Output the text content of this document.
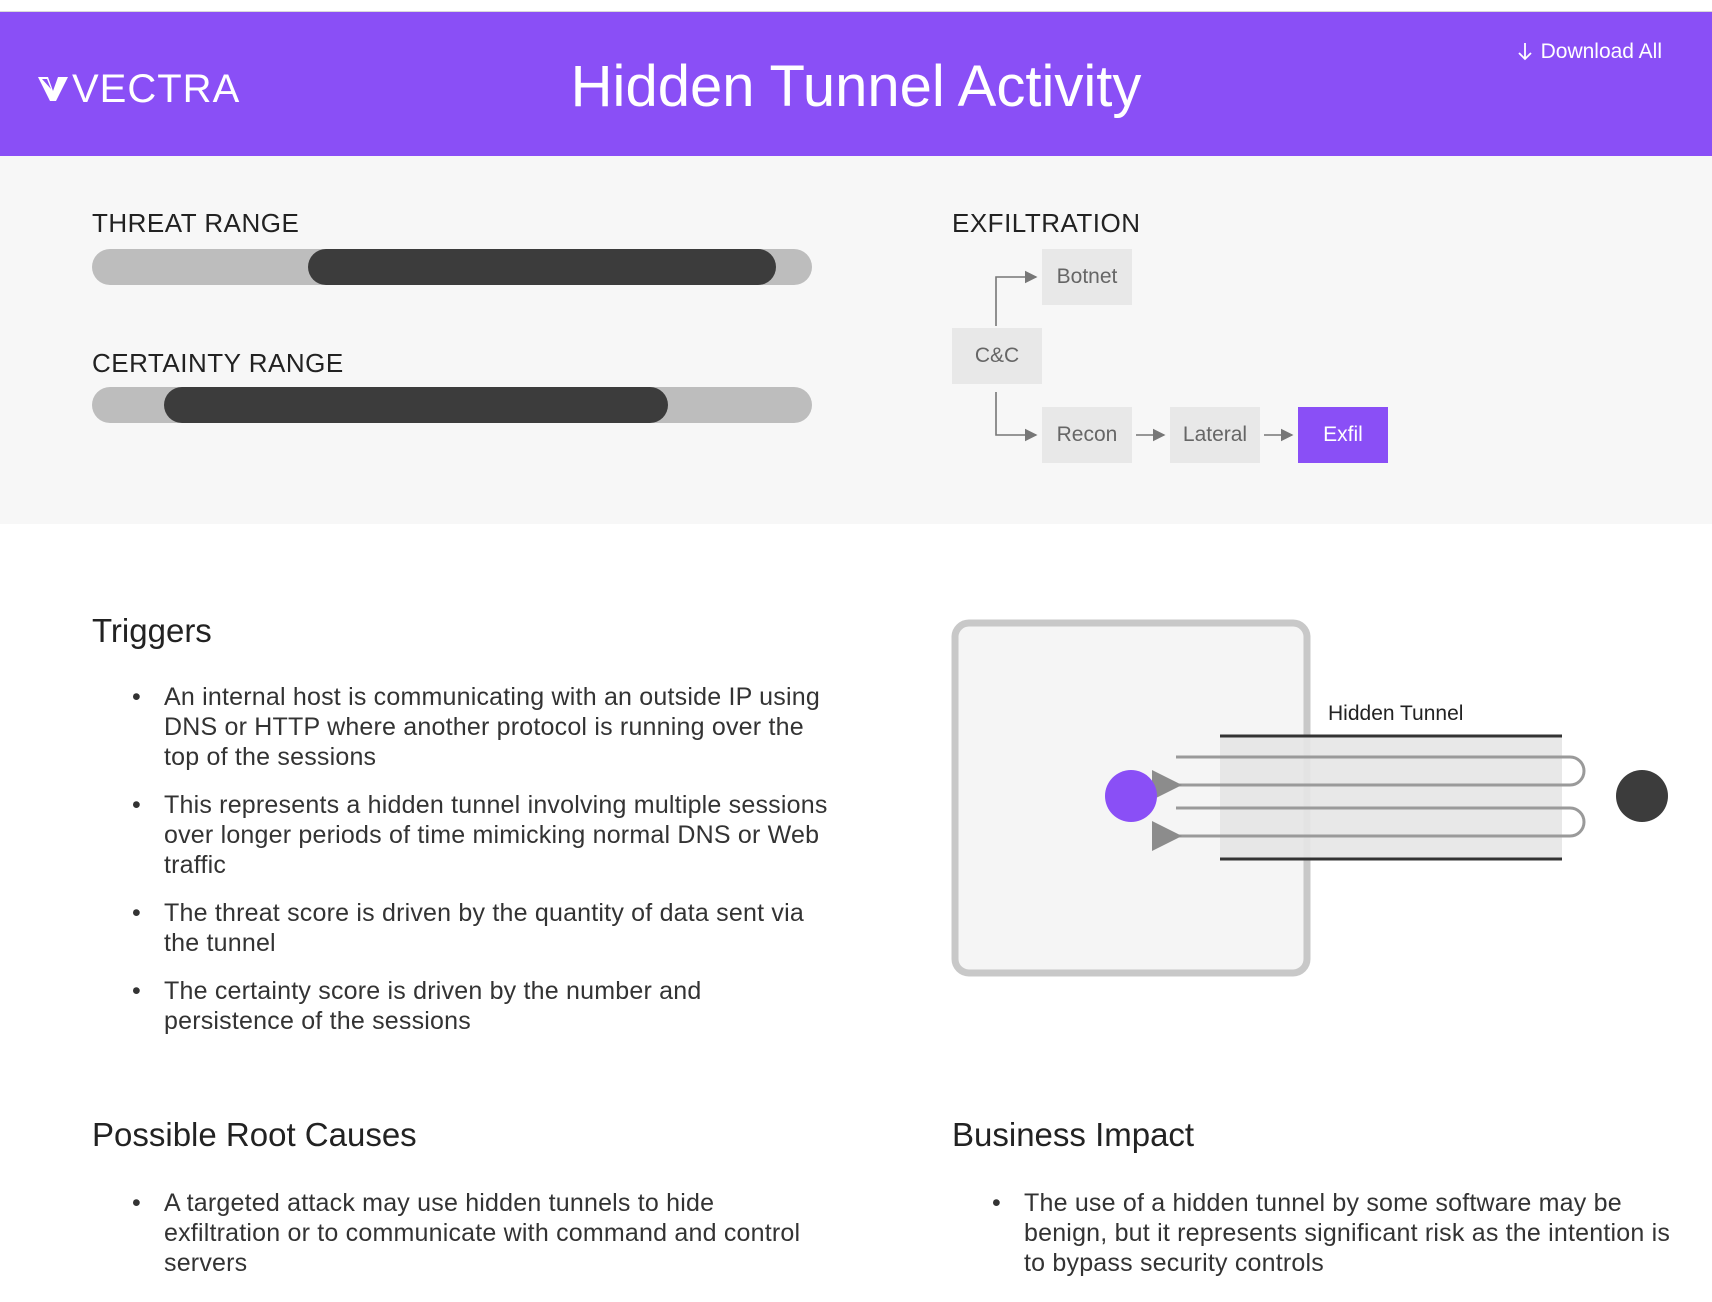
VECTRA	Hidden Tunnel Activity
Download All
THREAT RANGE
CERTAINTY RANGE
EXFILTRATION
Botnet
C&C
Recon	Lateral	Exfil
Triggers
• An internal host is communicating with an outside IP using DNS or HTTP where another protocol is running over the top of the sessions
• This represents a hidden tunnel involving multiple sessions over longer periods of time mimicking normal DNS or Web traffic
• The threat score is driven by the quantity of data sent via the tunnel
• The certainty score is driven by the number and persistence of the sessions
Hidden Tunnel
Possible Root Causes
• A targeted attack may use hidden tunnels to hide exfiltration or to communicate with command and control servers
Business Impact
• The use of a hidden tunnel by some software may be benign, but it represents significant risk as the intention is to bypass security controls
